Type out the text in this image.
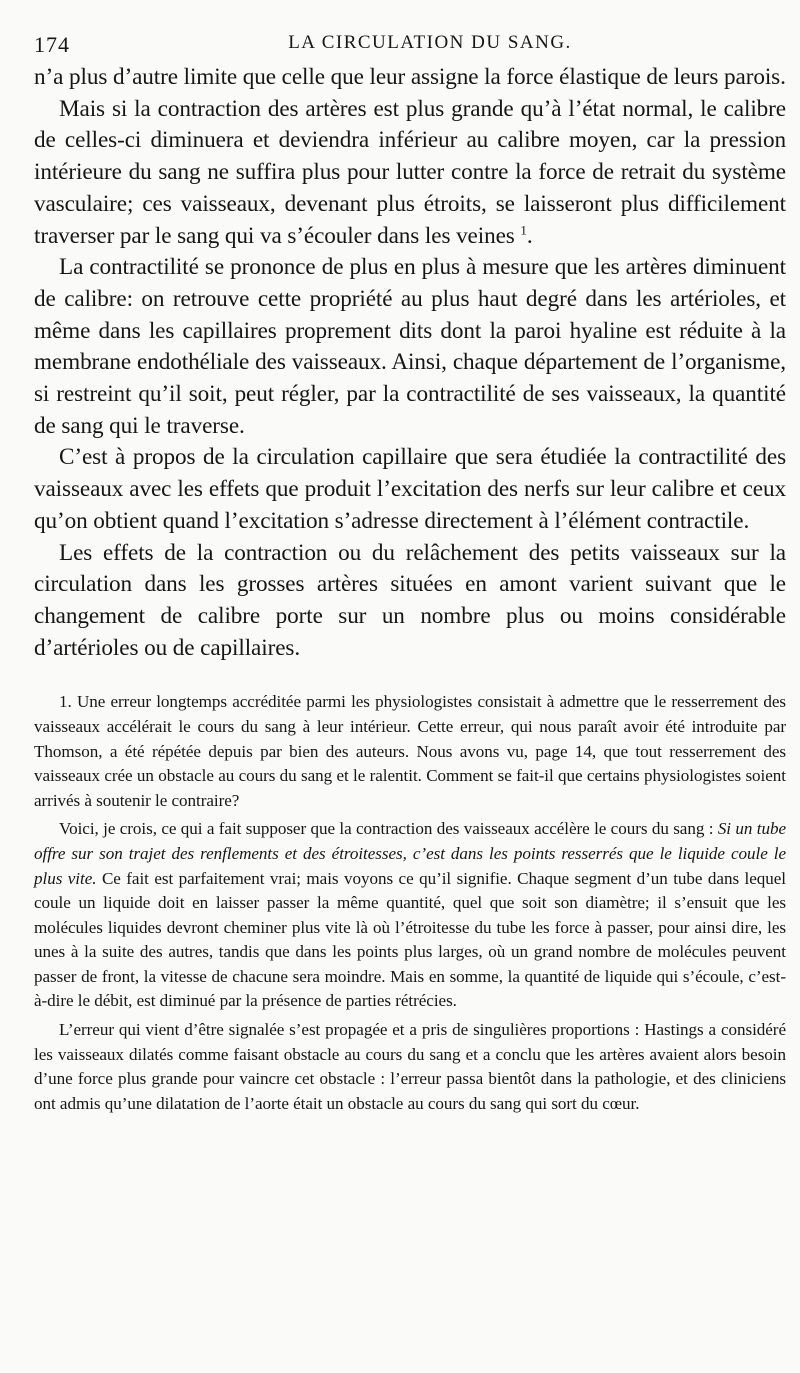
174	LA CIRCULATION DU SANG.

n’a plus d’autre limite que celle que leur assigne la force élastique de leurs parois.

Mais si la contraction des artères est plus grande qu’à l’état normal, le calibre de celles-ci diminuera et deviendra inférieur au calibre moyen, car la pression intérieure du sang ne suffira plus pour lutter contre la force de retrait du système vasculaire; ces vaisseaux, devenant plus étroits, se laisseront plus difficilement traverser par le sang qui va s’écouler dans les veines $^1$.

La contractilité se prononce de plus en plus à mesure que les artères diminuent de calibre: on retrouve cette propriété au plus haut degré dans les artérioles, et même dans les capillaires proprement dits dont la paroi hyaline est réduite à la membrane endothéliale des vaisseaux. Ainsi, chaque département de l’organisme, si restreint qu’il soit, peut régler, par la contractilité de ses vaisseaux, la quantité de sang qui le traverse.

C’est à propos de la circulation capillaire que sera étudiée la contractilité des vaisseaux avec les effets que produit l’excitation des nerfs sur leur calibre et ceux qu’on obtient quand l’excitation s’adresse directement à l’élément contractile.

Les effets de la contraction ou du relâchement des petits vaisseaux sur la circulation dans les grosses artères situées en amont varient suivant que le changement de calibre porte sur un nombre plus ou moins considérable d’artérioles ou de capillaires.

1. Une erreur longtemps accréditée parmi les physiologistes consistait à admettre que le resserrement des vaisseaux accélérait le cours du sang à leur intérieur. Cette erreur, qui nous paraît avoir été introduite par Thomson, a été répétée depuis par bien des auteurs. Nous avons vu, page 14, que tout resserrement des vaisseaux crée un obstacle au cours du sang et le ralentit. Comment se fait-il que certains physiologistes soient arrivés à soutenir le contraire?

Voici, je crois, ce qui a fait supposer que la contraction des vaisseaux accélère le cours du sang : Si un tube offre sur son trajet des renflements et des étroitesses, c’est dans les points resserrés que le liquide coule le plus vite. Ce fait est parfaitement vrai; mais voyons ce qu’il signifie. Chaque segment d’un tube dans lequel coule un liquide doit en laisser passer la même quantité, quel que soit son diamètre; il s’ensuit que les molécules liquides devront cheminer plus vite là où l’étroitesse du tube les force à passer, pour ainsi dire, les unes à la suite des autres, tandis que dans les points plus larges, où un grand nombre de molécules peuvent passer de front, la vitesse de chacune sera moindre. Mais en somme, la quantité de liquide qui s’écoule, c’est-à-dire le débit, est diminué par la présence de parties rétrécies.

L’erreur qui vient d’être signalée s’est propagée et a pris de singulières proportions : Hastings a considéré les vaisseaux dilatés comme faisant obstacle au cours du sang et a conclu que les artères avaient alors besoin d’une force plus grande pour vaincre cet obstacle : l’erreur passa bientôt dans la pathologie, et des cliniciens ont admis qu’une dilatation de l’aorte était un obstacle au cours du sang qui sort du cœur.
